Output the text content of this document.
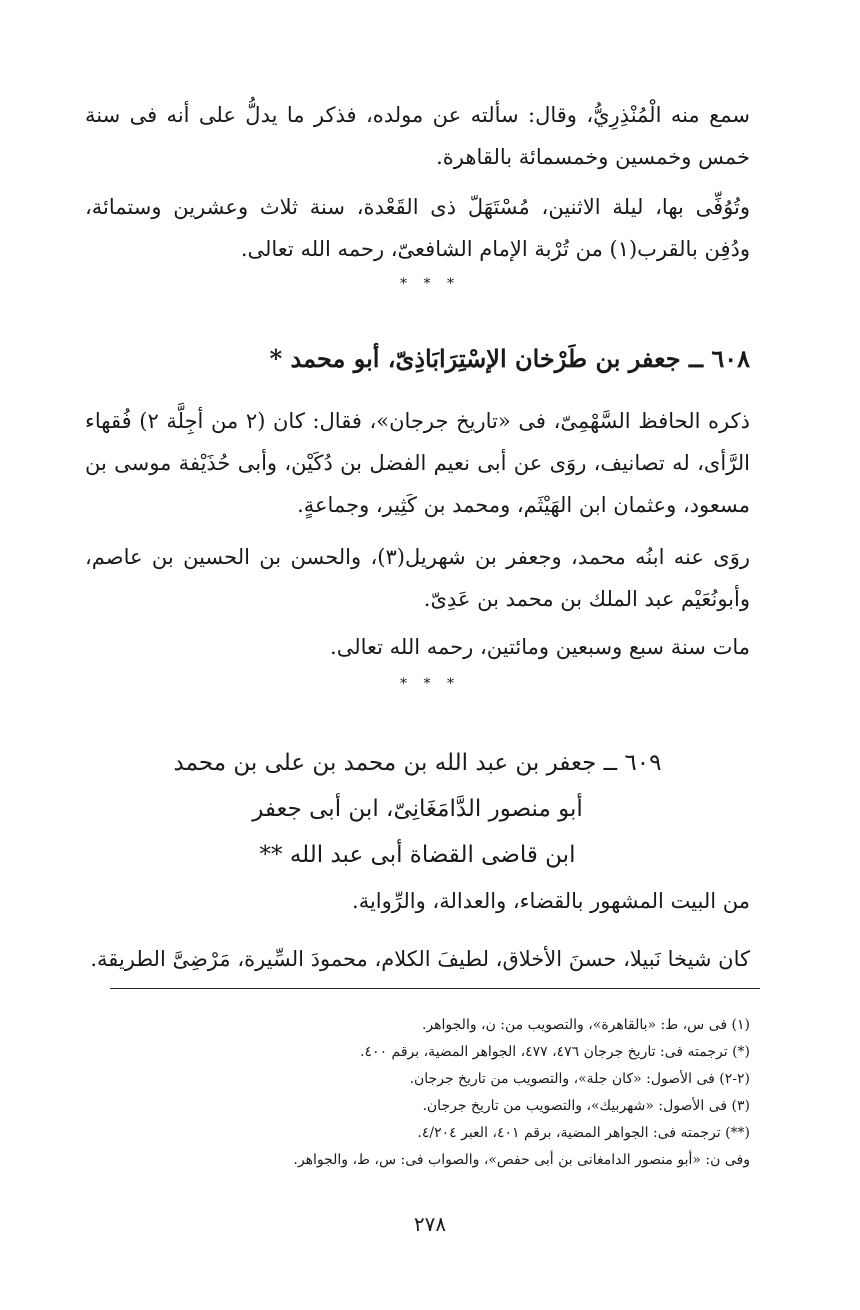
سمع منه الْمُنْذِرِيُّ، وقال: سألته عن مولده، فذكر ما يدلُّ على أنه فى سنة خمس وخمسين وخمسمائة بالقاهرة.

وتُوُفِّى بها، ليلة الاثنين، مُسْتَهَلّ ذى القَعْدة، سنة ثلاث وعشرين وستمائة، ودُفِن بالقرب(١) من تُرْبة الإمام الشافعىّ، رحمه الله تعالى.

* * *
٦٠٨ ــ جعفر بن طَرْخان الإسْتِرَابَاذِىّ، أبو محمد *

ذكره الحافظ السَّهْمِىّ، فى «تاريخ جرجان»، فقال: كان (٢ من أجِلَّة ٢) فُقهاء الرَّأى، له تصانيف، روَى عن أبى نعيم الفضل بن دُكَيْن، وأبى حُذَيْفة موسى بن مسعود، وعثمان ابن الهَيْثَم، ومحمد بن كَثِير، وجماعةٍ.

روَى عنه ابنُه محمد، وجعفر بن شهريل(٣)، والحسن بن الحسين بن عاصم، وأبونُعَيْم عبد الملك بن محمد بن عَدِىّ.

مات سنة سبع وسبعين ومائتين، رحمه الله تعالى.

* * *
٦٠٩ ــ جعفر بن عبد الله بن محمد بن على بن محمد
أبو منصور الدَّامَغَانِىّ، ابن أبى جعفر
ابن قاضى القضاة أبى عبد الله **

من البيت المشهور بالقضاء، والعدالة، والرِّواية.

كان شيخا نَبيلا، حسنَ الأخلاق، لطيفَ الكلام، محمودَ السِّيرة، مَرْضِىَّ الطريقة.

(١) فى س، ط: «بالقاهرة»، والتصويب من: ن، والجواهر.
(*) ترجمته فى: تاريخ جرجان ٤٧٦، ٤٧٧، الجواهر المضية، برقم ٤٠٠.
(٢-٢) فى الأصول: «كان جلة»، والتصويب من تاريخ جرجان.
(٣) فى الأصول: «شهربيك»، والتصويب من تاريخ جرجان.
(**) ترجمته فى: الجواهر المضية، برقم ٤٠١، العبر ٤/٢٠٤.
وفى ن: «أبو منصور الدامغانى بن أبى حفص»، والصواب فى: س، ط، والجواهر.
٢٧٨
